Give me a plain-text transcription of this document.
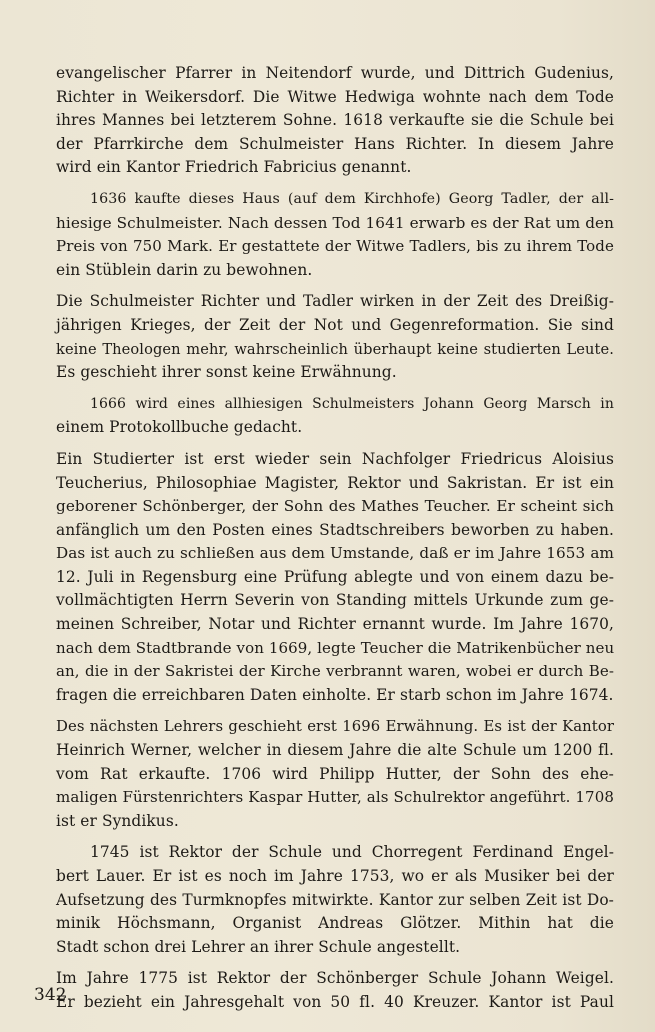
evangelischer Pfarrer in Neitendorf wurde, und Dittrich Gudenius,
Richter in Weikersdorf. Die Witwe Hedwiga wohnte nach dem Tode
ihres Mannes bei letzterem Sohne. 1618 verkaufte sie die Schule bei
der Pfarrkirche dem Schulmeister Hans Richter. In diesem Jahre
wird ein Kantor Friedrich Fabricius genannt.
1636 kaufte dieses Haus (auf dem Kirchhofe) Georg Tadler, der all-
hiesige Schulmeister. Nach dessen Tod 1641 erwarb es der Rat um den
Preis von 750 Mark. Er gestattete der Witwe Tadlers, bis zu ihrem Tode
ein Stüblein darin zu bewohnen.
Die Schulmeister Richter und Tadler wirken in der Zeit des Dreißig-
jährigen Krieges, der Zeit der Not und Gegenreformation. Sie sind
keine Theologen mehr, wahrscheinlich überhaupt keine studierten Leute.
Es geschieht ihrer sonst keine Erwähnung.
1666 wird eines allhiesigen Schulmeisters Johann Georg Marsch in
einem Protokollbuche gedacht.
Ein Studierter ist erst wieder sein Nachfolger Friedricus Aloisius
Teucherius, Philosophiae Magister, Rektor und Sakristan. Er ist ein
geborener Schönberger, der Sohn des Mathes Teucher. Er scheint sich
anfänglich um den Posten eines Stadtschreibers beworben zu haben.
Das ist auch zu schließen aus dem Umstande, daß er im Jahre 1653 am
12. Juli in Regensburg eine Prüfung ablegte und von einem dazu be-
vollmächtigten Herrn Severin von Standing mittels Urkunde zum ge-
meinen Schreiber, Notar und Richter ernannt wurde. Im Jahre 1670,
nach dem Stadtbrande von 1669, legte Teucher die Matrikenbücher neu
an, die in der Sakristei der Kirche verbrannt waren, wobei er durch Be-
fragen die erreichbaren Daten einholte. Er starb schon im Jahre 1674.
Des nächsten Lehrers geschieht erst 1696 Erwähnung. Es ist der Kantor
Heinrich Werner, welcher in diesem Jahre die alte Schule um 1200 fl.
vom Rat erkaufte. 1706 wird Philipp Hutter, der Sohn des ehe-
maligen Fürstenrichters Kaspar Hutter, als Schulrektor angeführt. 1708
ist er Syndikus.
1745 ist Rektor der Schule und Chorregent Ferdinand Engel-
bert Lauer. Er ist es noch im Jahre 1753, wo er als Musiker bei der
Aufsetzung des Turmknopfes mitwirkte. Kantor zur selben Zeit ist Do-
minik Höchsmann, Organist Andreas Glötzer. Mithin hat die
Stadt schon drei Lehrer an ihrer Schule angestellt.
Im Jahre 1775 ist Rektor der Schönberger Schule Johann Weigel.
Er bezieht ein Jahresgehalt von 50 fl. 40 Kreuzer. Kantor ist Paul
342
